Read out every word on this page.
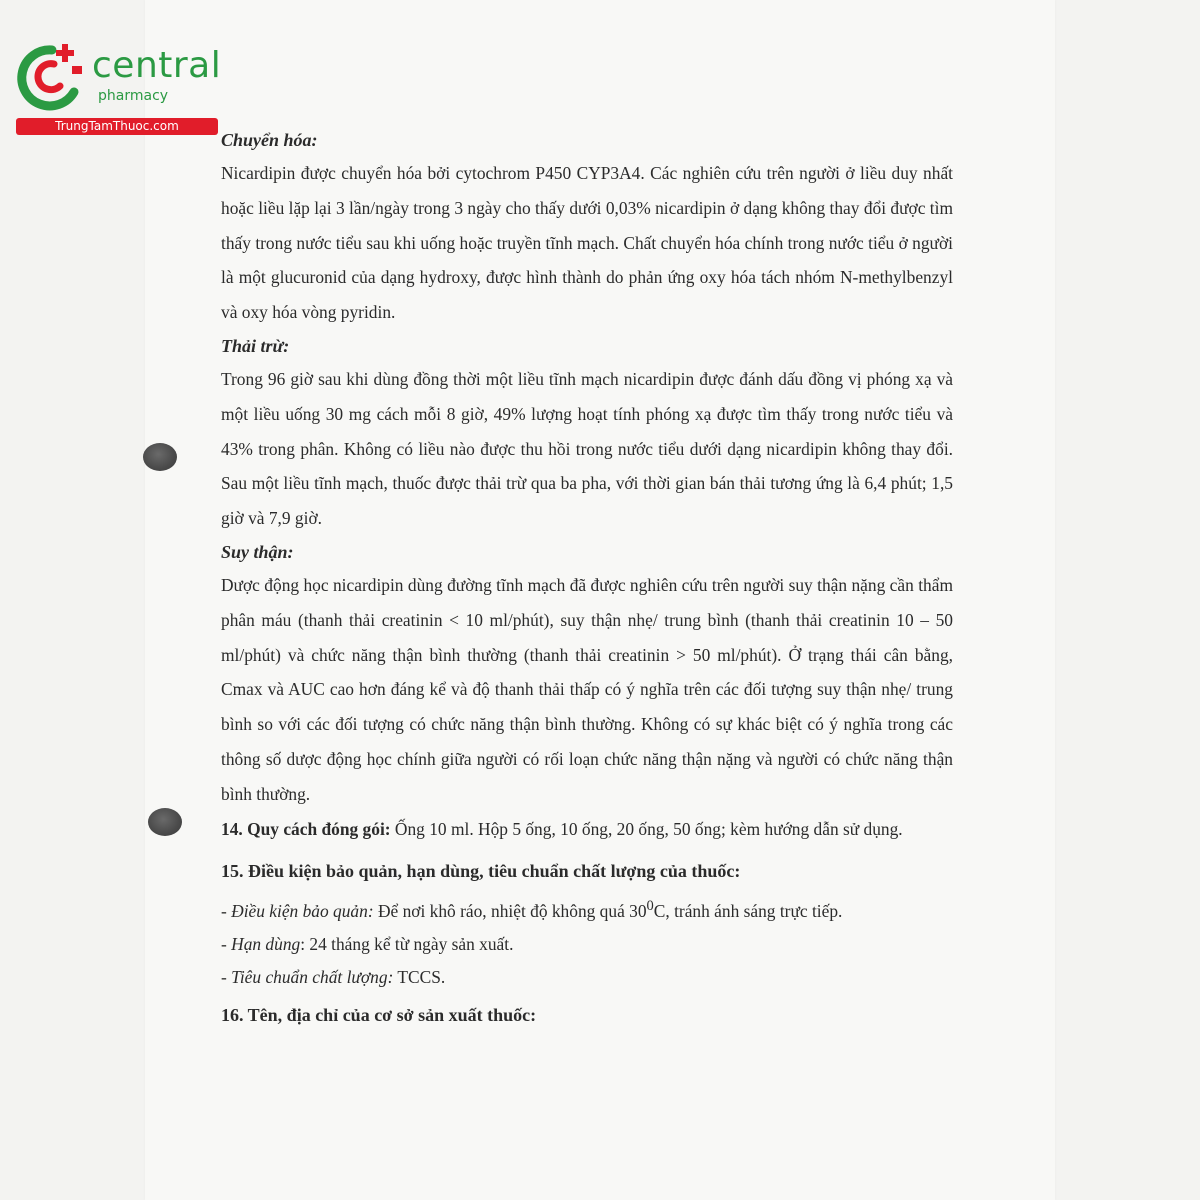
central
pharmacy
TrungTamThuoc.com

Chuyển hóa:

Nicardipin được chuyển hóa bởi cytochrom P450 CYP3A4. Các nghiên cứu trên người ở liều duy nhất hoặc liều lặp lại 3 lần/ngày trong 3 ngày cho thấy dưới 0,03% nicardipin ở dạng không thay đổi được tìm thấy trong nước tiểu sau khi uống hoặc truyền tĩnh mạch. Chất chuyển hóa chính trong nước tiểu ở người là một glucuronid của dạng hydroxy, được hình thành do phản ứng oxy hóa tách nhóm N-methylbenzyl và oxy hóa vòng pyridin.

Thải trừ:

Trong 96 giờ sau khi dùng đồng thời một liều tĩnh mạch nicardipin được đánh dấu đồng vị phóng xạ và một liều uống 30 mg cách mỗi 8 giờ, 49% lượng hoạt tính phóng xạ được tìm thấy trong nước tiểu và 43% trong phân. Không có liều nào được thu hồi trong nước tiểu dưới dạng nicardipin không thay đổi. Sau một liều tĩnh mạch, thuốc được thải trừ qua ba pha, với thời gian bán thải tương ứng là 6,4 phút; 1,5 giờ và 7,9 giờ.

Suy thận:

Dược động học nicardipin dùng đường tĩnh mạch đã được nghiên cứu trên người suy thận nặng cần thẩm phân máu (thanh thải creatinin < 10 ml/phút), suy thận nhẹ/ trung bình (thanh thải creatinin 10 – 50 ml/phút) và chức năng thận bình thường (thanh thải creatinin > 50 ml/phút). Ở trạng thái cân bằng, Cmax và AUC cao hơn đáng kể và độ thanh thải thấp có ý nghĩa trên các đối tượng suy thận nhẹ/ trung bình so với các đối tượng có chức năng thận bình thường. Không có sự khác biệt có ý nghĩa trong các thông số dược động học chính giữa người có rối loạn chức năng thận nặng và người có chức năng thận bình thường.

14. Quy cách đóng gói: Ống 10 ml. Hộp 5 ống, 10 ống, 20 ống, 50 ống; kèm hướng dẫn sử dụng.

15. Điều kiện bảo quản, hạn dùng, tiêu chuẩn chất lượng của thuốc:

- Điều kiện bảo quản: Để nơi khô ráo, nhiệt độ không quá $30^0C$, tránh ánh sáng trực tiếp.

- Hạn dùng: 24 tháng kể từ ngày sản xuất.

- Tiêu chuẩn chất lượng: TCCS.

16. Tên, địa chỉ của cơ sở sản xuất thuốc:
